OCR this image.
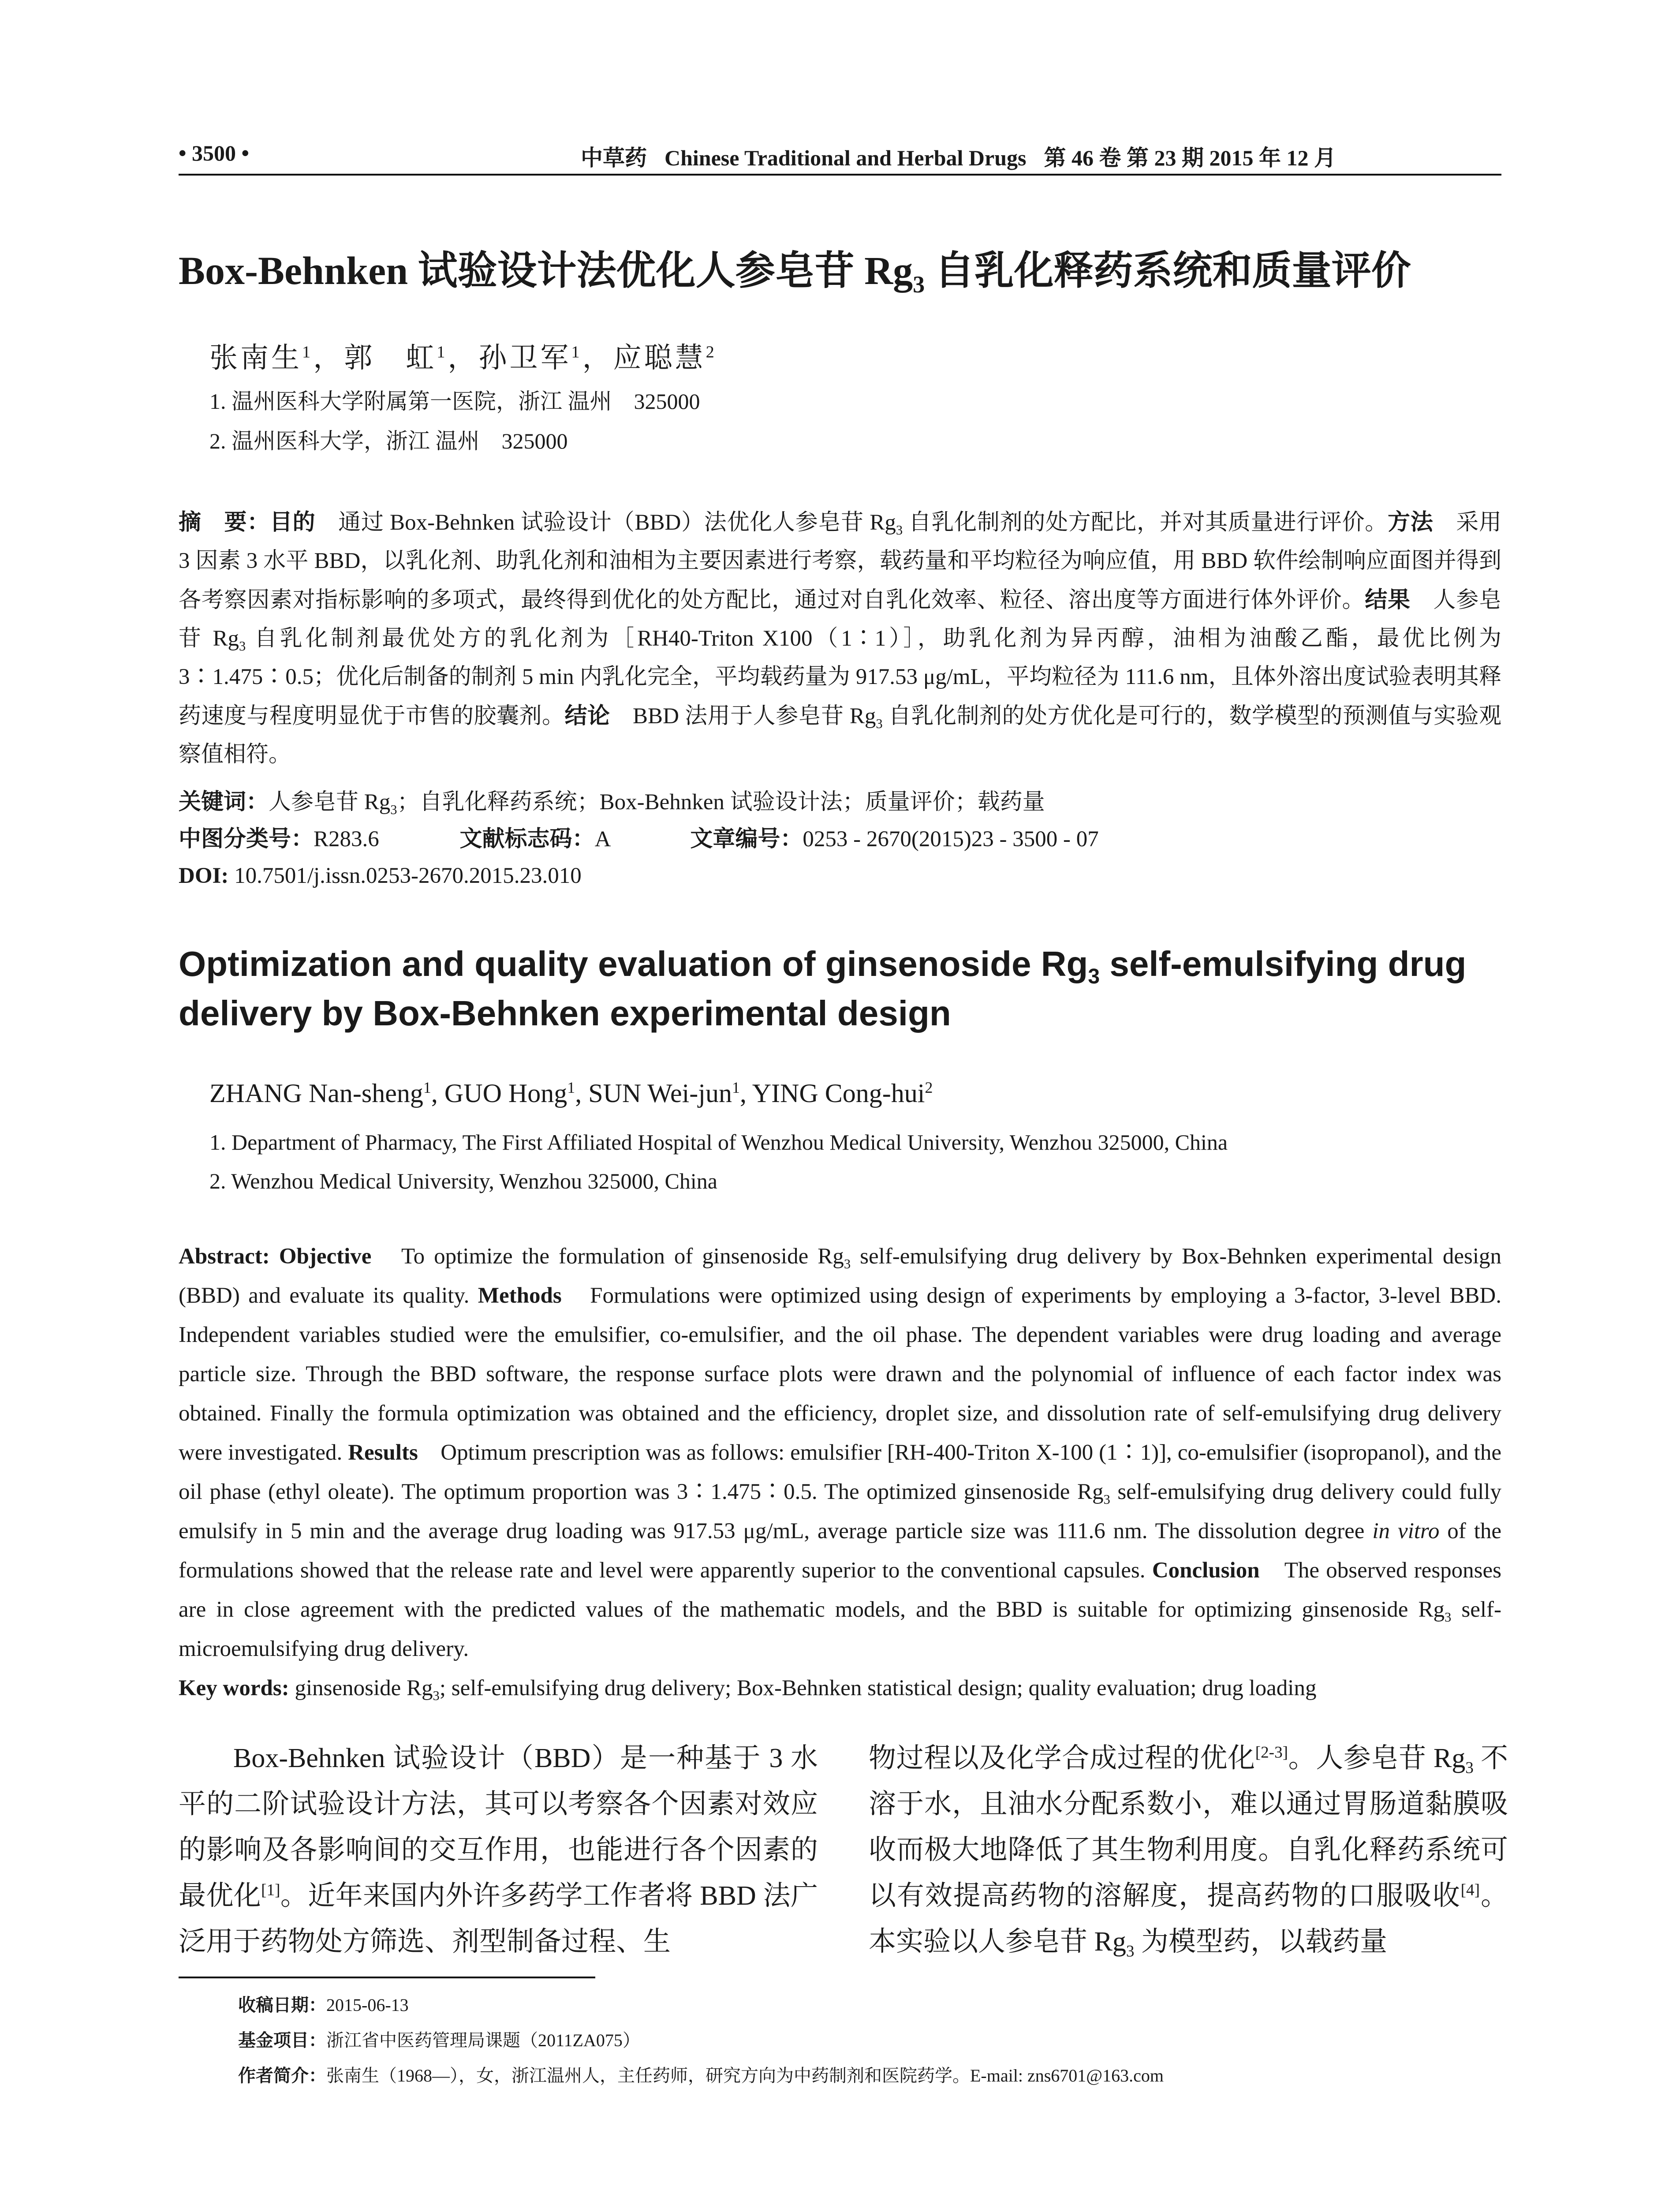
• 3500 •	中草药 Chinese Traditional and Herbal Drugs 第 46 卷 第 23 期 2015 年 12 月
Box-Behnken 试验设计法优化人参皂苷 $Rg_3$ 自乳化释药系统和质量评价
张南生$^1$，郭　虹$^1$，孙卫军$^1$，应聪慧$^2$
1. 温州医科大学附属第一医院，浙江 温州　325000
2. 温州医科大学，浙江 温州　325000
摘　要：目的　通过 Box-Behnken 试验设计（BBD）法优化人参皂苷 $Rg_3$ 自乳化制剂的处方配比，并对其质量进行评价。方法　采用 3 因素 3 水平 BBD，以乳化剂、助乳化剂和油相为主要因素进行考察，载药量和平均粒径为响应值，用 BBD 软件绘制响应面图并得到各考察因素对指标影响的多项式，最终得到优化的处方配比，通过对自乳化效率、粒径、溶出度等方面进行体外评价。结果　人参皂苷 $Rg_3$ 自乳化制剂最优处方的乳化剂为［RH40-Triton X100（1∶1）］，助乳化剂为异丙醇，油相为油酸乙酯，最优比例为 3∶1.475∶0.5；优化后制备的制剂 5 min 内乳化完全，平均载药量为 917.53 μg/mL，平均粒径为 111.6 nm，且体外溶出度试验表明其释药速度与程度明显优于市售的胶囊剂。结论　BBD 法用于人参皂苷 $Rg_3$ 自乳化制剂的处方优化是可行的，数学模型的预测值与实验观察值相符。
关键词：人参皂苷 $Rg_3$；自乳化释药系统；Box-Behnken 试验设计法；质量评价；载药量
中图分类号：R283.6	文献标志码：A	文章编号：0253 - 2670(2015)23 - 3500 - 07
DOI: 10.7501/j.issn.0253-2670.2015.23.010
Optimization and quality evaluation of ginsenoside $Rg_3$ self-emulsifying drug delivery by Box-Behnken experimental design
ZHANG Nan-sheng$^1$, GUO Hong$^1$, SUN Wei-jun$^1$, YING Cong-hui$^2$
1. Department of Pharmacy, The First Affiliated Hospital of Wenzhou Medical University, Wenzhou 325000, China
2. Wenzhou Medical University, Wenzhou 325000, China
Abstract: Objective　To optimize the formulation of ginsenoside $Rg_3$ self-emulsifying drug delivery by Box-Behnken experimental design (BBD) and evaluate its quality. Methods　Formulations were optimized using design of experiments by employing a 3-factor, 3-level BBD. Independent variables studied were the emulsifier, co-emulsifier, and the oil phase. The dependent variables were drug loading and average particle size. Through the BBD software, the response surface plots were drawn and the polynomial of influence of each factor index was obtained. Finally the formula optimization was obtained and the efficiency, droplet size, and dissolution rate of self-emulsifying drug delivery were investigated. Results　Optimum prescription was as follows: emulsifier [RH-400-Triton X-100 (1∶1)], co-emulsifier (isopropanol), and the oil phase (ethyl oleate). The optimum proportion was 3∶1.475∶0.5. The optimized ginsenoside $Rg_3$ self-emulsifying drug delivery could fully emulsify in 5 min and the average drug loading was 917.53 μg/mL, average particle size was 111.6 nm. The dissolution degree in vitro of the formulations showed that the release rate and level were apparently superior to the conventional capsules. Conclusion　The observed responses are in close agreement with the predicted values of the mathematic models, and the BBD is suitable for optimizing ginsenoside $Rg_3$ self-microemulsifying drug delivery.
Key words: ginsenoside $Rg_3$; self-emulsifying drug delivery; Box-Behnken statistical design; quality evaluation; drug loading
Box-Behnken 试验设计（BBD）是一种基于 3 水平的二阶试验设计方法，其可以考察各个因素对效应的影响及各影响间的交互作用，也能进行各个因素的最优化[1]。近年来国内外许多药学工作者将 BBD 法广泛用于药物处方筛选、剂型制备过程、生
物过程以及化学合成过程的优化[2-3]。人参皂苷 $Rg_3$ 不溶于水，且油水分配系数小，难以通过胃肠道黏膜吸收而极大地降低了其生物利用度。自乳化释药系统可以有效提高药物的溶解度，提高药物的口服吸收[4]。本实验以人参皂苷 $Rg_3$ 为模型药，以载药量
收稿日期：2015-06-13
基金项目：浙江省中医药管理局课题（2011ZA075）
作者简介：张南生（1968—），女，浙江温州人，主任药师，研究方向为中药制剂和医院药学。E-mail: zns6701@163.com
